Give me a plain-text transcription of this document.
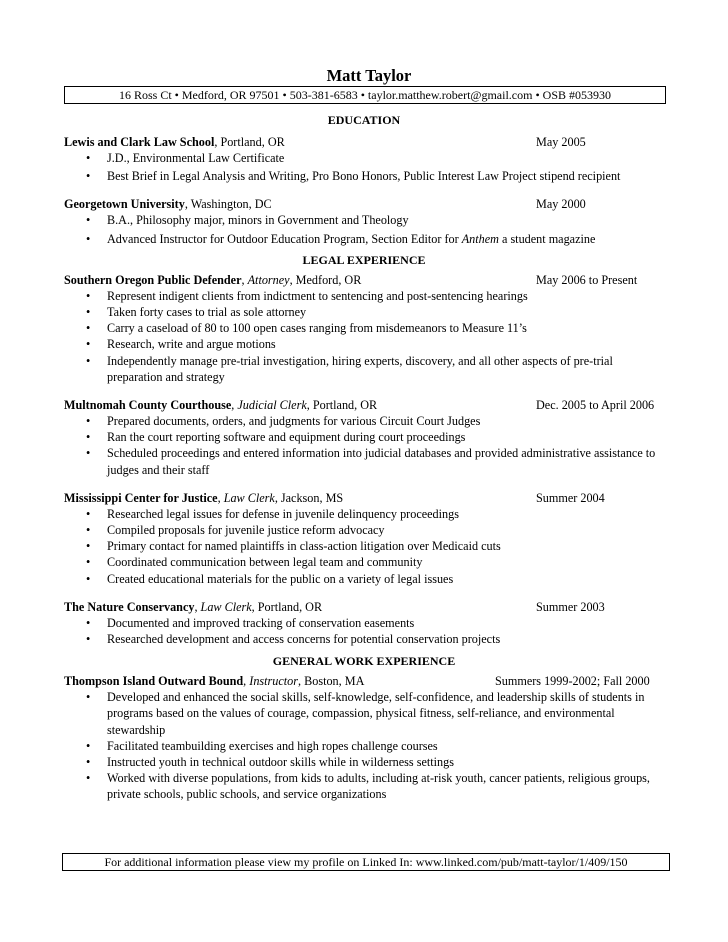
Matt Taylor
16 Ross Ct • Medford, OR 97501 • 503-381-6583 • taylor.matthew.robert@gmail.com • OSB #053930
EDUCATION
Lewis and Clark Law School, Portland, OR	May 2005
• J.D., Environmental Law Certificate
• Best Brief in Legal Analysis and Writing, Pro Bono Honors, Public Interest Law Project stipend recipient
Georgetown University, Washington, DC	May 2000
• B.A., Philosophy major, minors in Government and Theology
• Advanced Instructor for Outdoor Education Program, Section Editor for Anthem a student magazine
LEGAL EXPERIENCE
Southern Oregon Public Defender, Attorney, Medford, OR	May 2006 to Present
• Represent indigent clients from indictment to sentencing and post-sentencing hearings
• Taken forty cases to trial as sole attorney
• Carry a caseload of 80 to 100 open cases ranging from misdemeanors to Measure 11’s
• Research, write and argue motions
• Independently manage pre-trial investigation, hiring experts, discovery, and all other aspects of pre-trial preparation and strategy
Multnomah County Courthouse, Judicial Clerk, Portland, OR	Dec. 2005 to April 2006
• Prepared documents, orders, and judgments for various Circuit Court Judges
• Ran the court reporting software and equipment during court proceedings
• Scheduled proceedings and entered information into judicial databases and provided administrative assistance to judges and their staff
Mississippi Center for Justice, Law Clerk, Jackson, MS	Summer 2004
• Researched legal issues for defense in juvenile delinquency proceedings
• Compiled proposals for juvenile justice reform advocacy
• Primary contact for named plaintiffs in class-action litigation over Medicaid cuts
• Coordinated communication between legal team and community
• Created educational materials for the public on a variety of legal issues
The Nature Conservancy, Law Clerk, Portland, OR	Summer 2003
• Documented and improved tracking of conservation easements
• Researched development and access concerns for potential conservation projects
GENERAL WORK EXPERIENCE
Thompson Island Outward Bound, Instructor, Boston, MA	Summers 1999-2002; Fall 2000
• Developed and enhanced the social skills, self-knowledge, self-confidence, and leadership skills of students in programs based on the values of courage, compassion, physical fitness, self-reliance, and environmental stewardship
• Facilitated teambuilding exercises and high ropes challenge courses
• Instructed youth in technical outdoor skills while in wilderness settings
• Worked with diverse populations, from kids to adults, including at-risk youth, cancer patients, religious groups, private schools, public schools, and service organizations
For additional information please view my profile on Linked In: www.linked.com/pub/matt-taylor/1/409/150
